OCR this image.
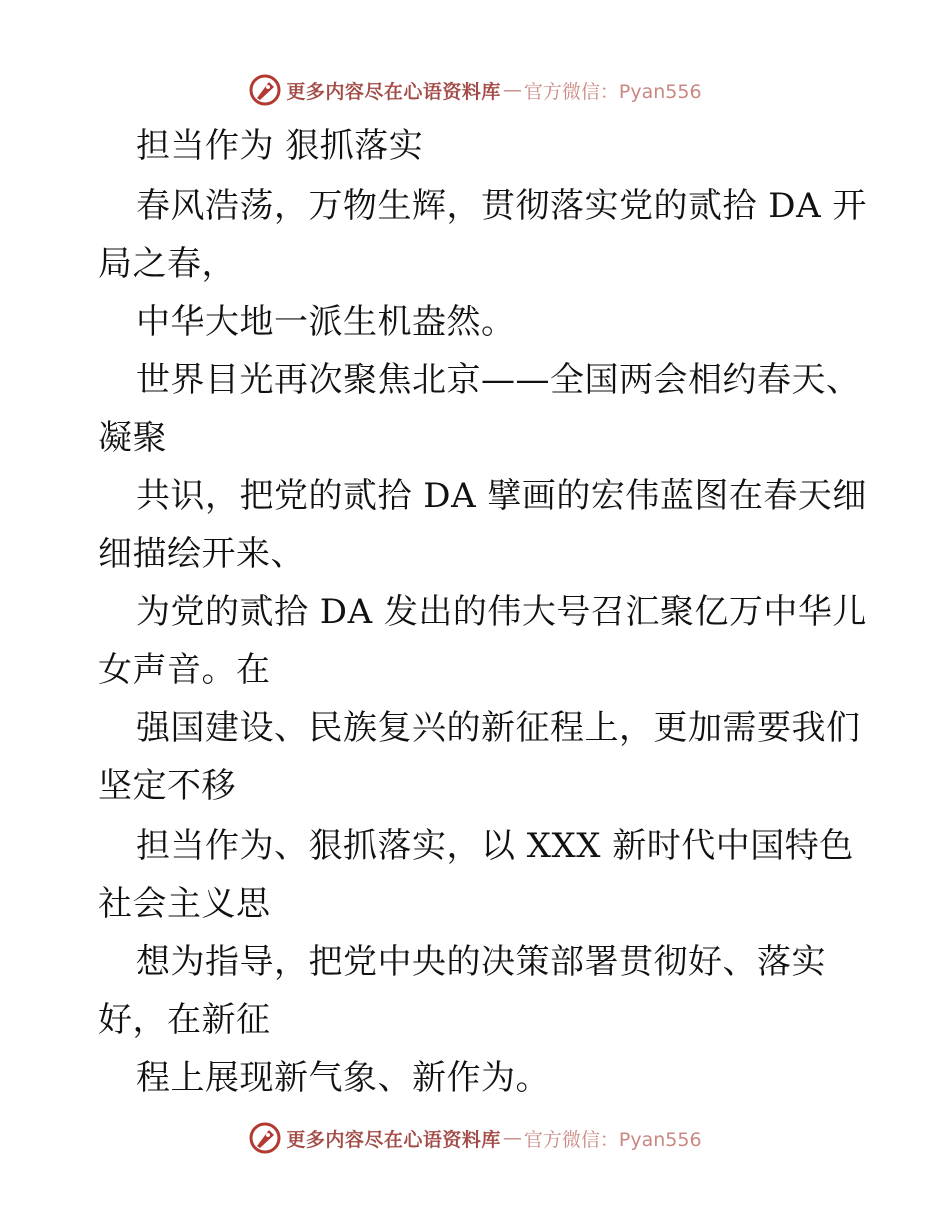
更多内容尽在心语资料库 — 官方微信：Pyan556
担当作为 狠抓落实
春风浩荡，万物生辉，贯彻落实党的贰拾 DA 开
局之春，
中华大地一派生机盎然。
世界目光再次聚焦北京——全国两会相约春天、
凝聚
共识，把党的贰拾 DA 擘画的宏伟蓝图在春天细
细描绘开来、
为党的贰拾 DA 发出的伟大号召汇聚亿万中华儿
女声音。在
强国建设、民族复兴的新征程上，更加需要我们
坚定不移
担当作为、狠抓落实，以 XXX 新时代中国特色
社会主义思
想为指导，把党中央的决策部署贯彻好、落实
好，在新征
程上展现新气象、新作为。
更多内容尽在心语资料库 — 官方微信：Pyan556
